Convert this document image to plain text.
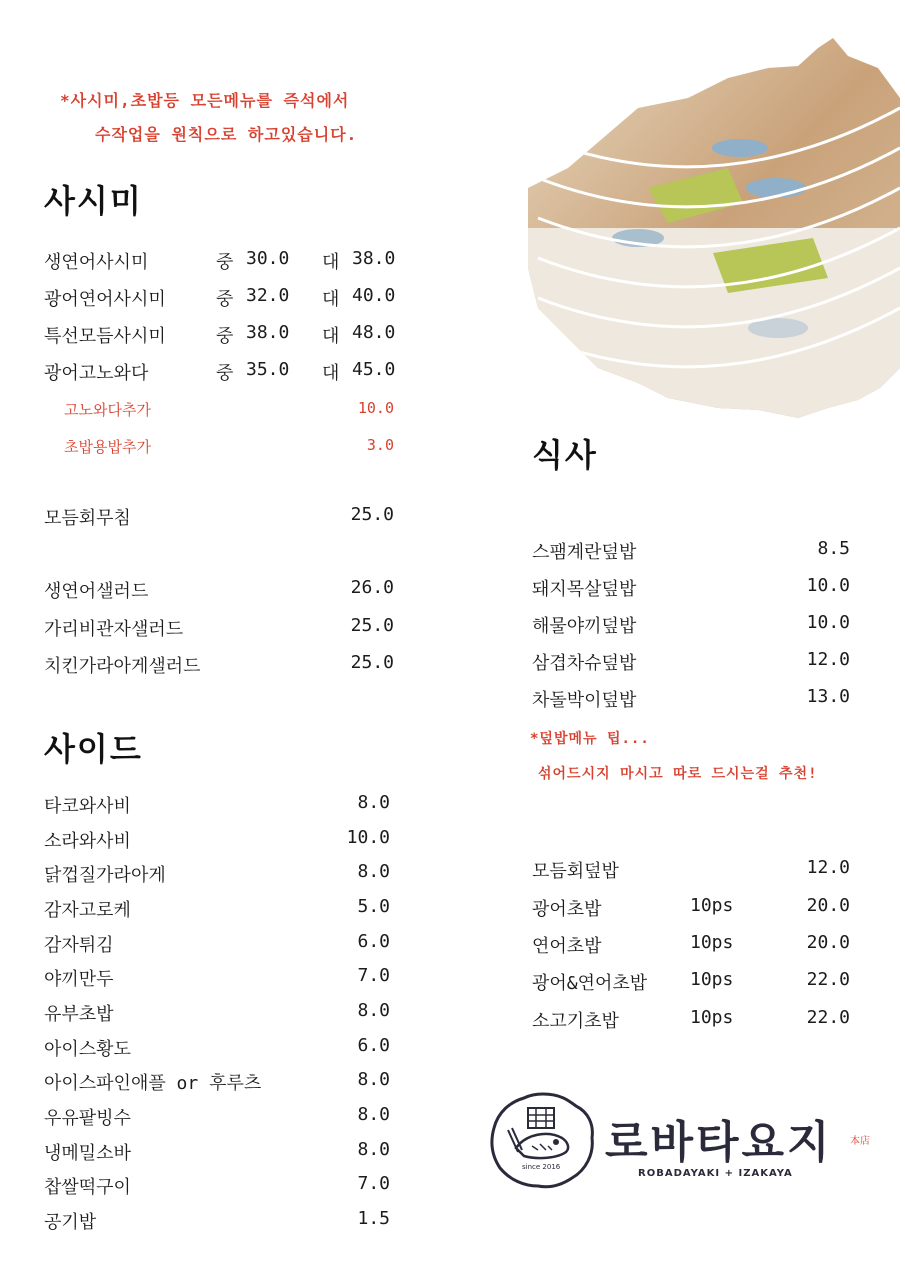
*사시미,초밥등 모든메뉴를 즉석에서
수작업을 원칙으로 하고있습니다.
사시미
생연어사시미	중 30.0 대 38.0
광어연어사시미	중 32.0 대 40.0
특선모듬사시미	중 38.0 대 48.0
광어고노와다	중 35.0 대 45.0
고노와다추가	10.0
초밥용밥추가	3.0
모듬회무침	25.0
생연어샐러드	26.0
가리비관자샐러드	25.0
치킨가라아게샐러드	25.0
사이드
타코와사비	8.0
소라와사비	10.0
닭껍질가라아게	8.0
감자고로케	5.0
감자튀김	6.0
야끼만두	7.0
유부초밥	8.0
아이스황도	6.0
아이스파인애플 or 후루츠	8.0
우유팥빙수	8.0
냉메밀소바	8.0
찹쌀떡구이	7.0
공기밥	1.5
식사
스팸계란덮밥	8.5
돼지목살덮밥	10.0
해물야끼덮밥	10.0
삼겹차슈덮밥	12.0
차돌박이덮밥	13.0
*덮밥메뉴 팁...
섞어드시지 마시고 따로 드시는걸 추천!
모듬회덮밥	12.0
광어초밥	10ps	20.0
연어초밥	10ps	20.0
광어&연어초밥 10ps	22.0
소고기초밥	10ps	22.0
since 2016 로바타요지 本店
ROBADAYAKI + IZAKAYA
